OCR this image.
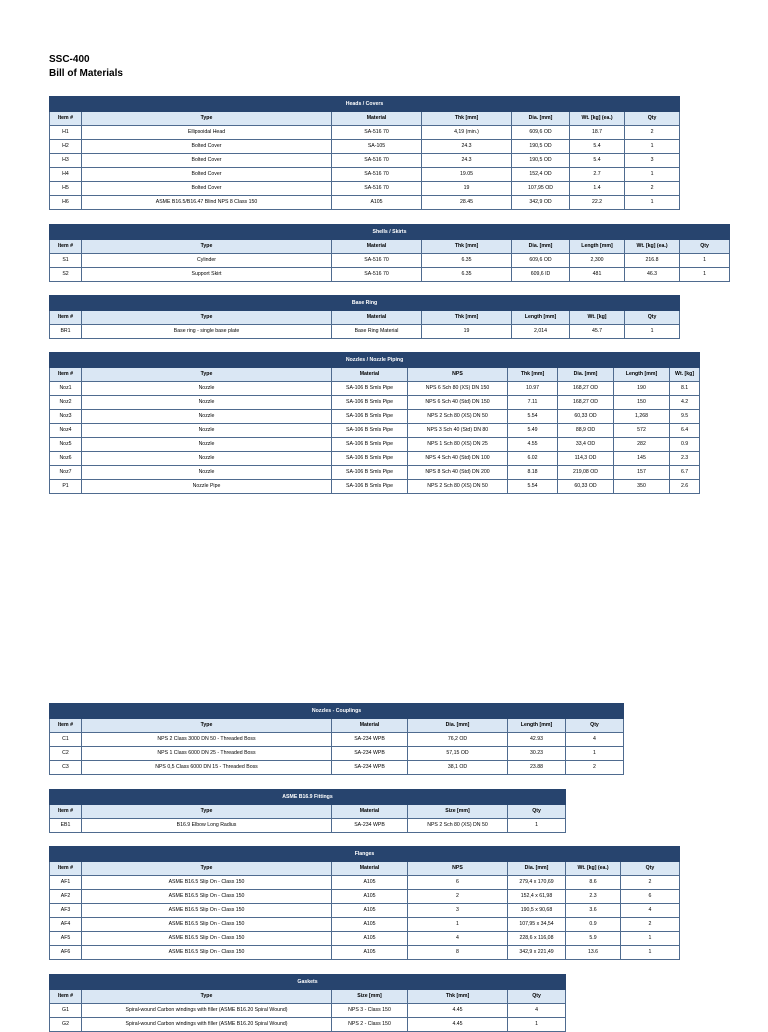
SSC-400
Bill of Materials
Heads / Covers						
Item #	Type	Material	Thk [mm]	Dia. [mm]	Wt. [kg] (ea.)	Qty
H1	Ellipsoidal Head	SA-516 70	4,19 (min.)	609,6 OD	18.7	2
H2	Bolted Cover	SA-105	24.3	190,5 OD	5.4	1
H3	Bolted Cover	SA-516 70	24.3	190,5 OD	5.4	3
H4	Bolted Cover	SA-516 70	19.05	152,4 OD	2.7	1
H5	Bolted Cover	SA-516 70	19	107,95 OD	1.4	2
H6	ASME B16.5/B16.47 Blind NPS 8 Class 150	A105	28.45	342,9 OD	22.2	1
Shells / Skirts							
Item #	Type	Material	Thk [mm]	Dia. [mm]	Length [mm]	Wt. [kg] (ea.)	Qty
S1	Cylinder	SA-516 70	6.35	609,6 OD	2,300	216.8	1
S2	Support Skirt	SA-516 70	6.35	609,6 ID	481	46.3	1
Base Ring						
Item #	Type	Material	Thk [mm]	Length [mm]	Wt. [kg]	Qty
BR1	Base ring - single base plate	Base Ring Material	19	2,014	45.7	1
Nozzles / Nozzle Piping							
Item #	Type	Material	NPS	Thk [mm]	Dia. [mm]	Length [mm]	Wt. [kg]
Noz1	Nozzle	SA-106 B Smls Pipe	NPS 6 Sch 80 (XS) DN 150	10.97	168,27 OD	190	8.1
Noz2	Nozzle	SA-106 B Smls Pipe	NPS 6 Sch 40 (Std) DN 150	7.11	168,27 OD	150	4.2
Noz3	Nozzle	SA-106 B Smls Pipe	NPS 2 Sch 80 (XS) DN 50	5.54	60,33 OD	1,268	9.5
Noz4	Nozzle	SA-106 B Smls Pipe	NPS 3 Sch 40 (Std) DN 80	5.49	88,9 OD	572	6.4
Noz5	Nozzle	SA-106 B Smls Pipe	NPS 1 Sch 80 (XS) DN 25	4.55	33,4 OD	282	0.9
Noz6	Nozzle	SA-106 B Smls Pipe	NPS 4 Sch 40 (Std) DN 100	6.02	114,3 OD	145	2.3
Noz7	Nozzle	SA-106 B Smls Pipe	NPS 8 Sch 40 (Std) DN 200	8.18	219,08 OD	157	6.7
P1	Nozzle Pipe	SA-106 B Smls Pipe	NPS 2 Sch 80 (XS) DN 50	5.54	60,33 OD	350	2.6
Nozzles - Couplings					
Item #	Type	Material	Dia. [mm]	Length [mm]	Qty
C1	NPS 2 Class 3000 DN 50 - Threaded Boss	SA-234 WPB	76,2 OD	42.93	4
C2	NPS 1 Class 6000 DN 25 - Threaded Boss	SA-234 WPB	57,15 OD	30.23	1
C3	NPS 0,5 Class 6000 DN 15 - Threaded Boss	SA-234 WPB	38,1 OD	23.88	2
ASME B16.9 Fittings				
Item #	Type	Material	Size [mm]	Qty
EB1	B16.9 Elbow Long Radius	SA-234 WPB	NPS 2 Sch 80 (XS) DN 50	1
Flanges						
Item #	Type	Material	NPS	Dia. [mm]	Wt. [kg] (ea.)	Qty
AF1	ASME B16.5 Slip On - Class 150	A105	6	279,4 x 170,69	8.6	2
AF2	ASME B16.5 Slip On - Class 150	A105	2	152,4 x 61,98	2.3	6
AF3	ASME B16.5 Slip On - Class 150	A105	3	190,5 x 90,68	3.6	4
AF4	ASME B16.5 Slip On - Class 150	A105	1	107,95 x 34,54	0.9	2
AF5	ASME B16.5 Slip On - Class 150	A105	4	228,6 x 116,08	5.9	1
AF6	ASME B16.5 Slip On - Class 150	A105	8	342,9 x 221,49	13.6	1
Gaskets				
Item #	Type	Size [mm]	Thk [mm]	Qty
G1	Spiral-wound Carbon windings with filler (ASME B16.20 Spiral Wound)	NPS 3 - Class 150	4.45	4
G2	Spiral-wound Carbon windings with filler (ASME B16.20 Spiral Wound)	NPS 2 - Class 150	4.45	1
